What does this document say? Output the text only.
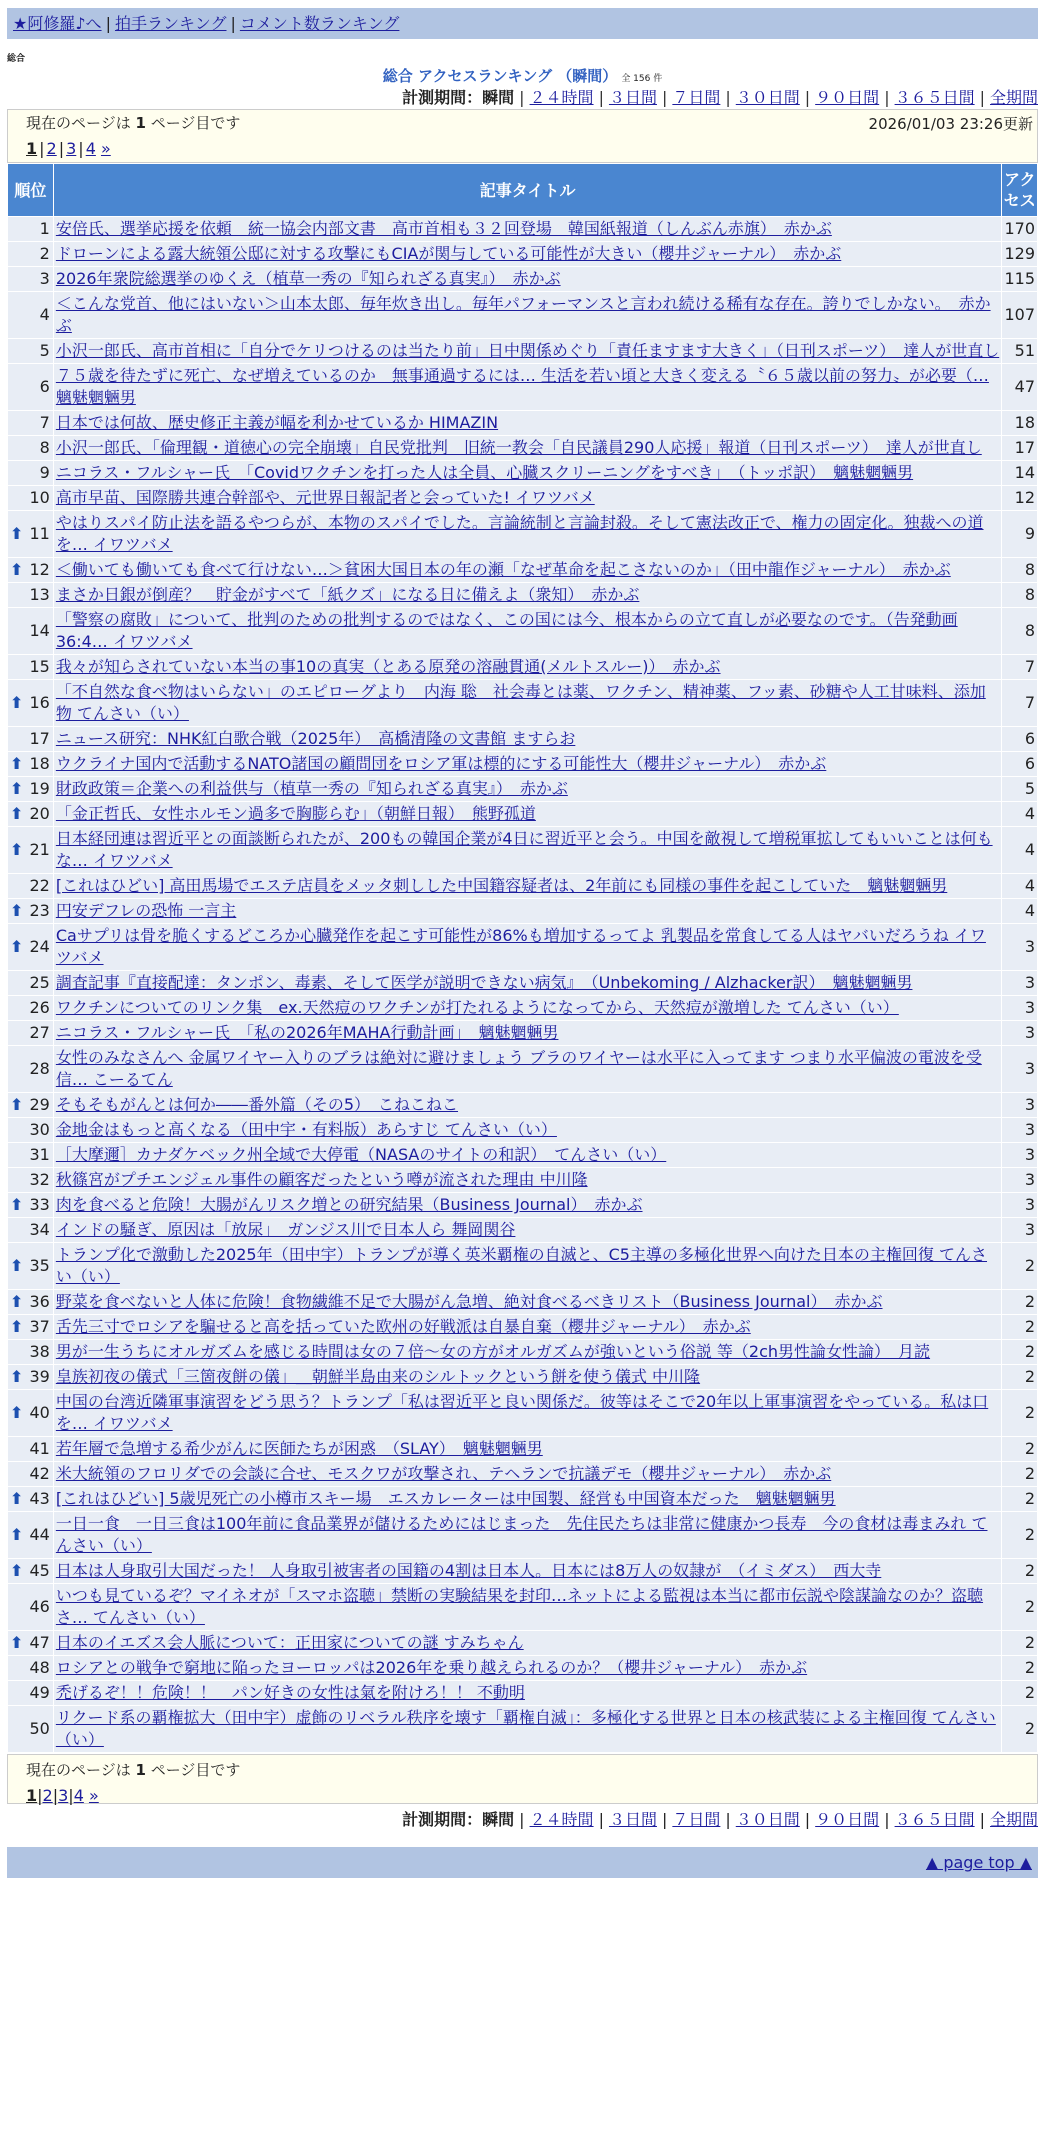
★阿修羅♪へ | 拍手ランキング | コメント数ランキング
総合
総合 アクセスランキング （瞬間） 全 156 件
計測期間：瞬間 | ２４時間 | ３日間 | ７日間 | ３０日間 | ９０日間 | ３６５日間 | 全期間
現在のページは 1 ページ目です	2026/01/03 23:26更新
1 | 2 | 3 | 4 »
順位	記事タイトル	アクセス
1	安倍氏、選挙応援を依頼　統一協会内部文書　高市首相も３２回登場　韓国紙報道（しんぶん赤旗）　赤かぶ	170
2	ドローンによる露大統領公邸に対する攻撃にもCIAが関与している可能性が大きい（櫻井ジャーナル）　赤かぶ	129
3	2026年衆院総選挙のゆくえ（植草一秀の『知られざる真実』）　赤かぶ	115
4	＜こんな党首、他にはいない＞山本太郎、毎年炊き出し。毎年パフォーマンスと言われ続ける稀有な存在。誇りでしかない。　赤かぶ	107
5	小沢一郎氏、高市首相に「自分でケリつけるのは当たり前」日中関係めぐり「責任ますます大きく」（日刊スポーツ）　達人が世直し	51
6	７５歳を待たずに死亡、なぜ増えているのか　無事通過するには… 生活を若い頃と大きく変える〝６５歳以前の努力〟が必要（… 魑魅魍魎男	47
7	日本では何故、歴史修正主義が幅を利かせているか HIMAZIN	18
8	小沢一郎氏、「倫理観・道徳心の完全崩壊」自民党批判　旧統一教会「自民議員290人応援」報道（日刊スポーツ）　達人が世直し	17
9	ニコラス・フルシャー氏　「Covidワクチンを打った人は全員、心臓スクリーニングをすべき」　（トッポ訳）　魑魅魍魎男	14
10	高市早苗、国際勝共連合幹部や、元世界日報記者と会っていた! イワツバメ	12

⬆ 11	やはりスパイ防止法を語るやつらが、本物のスパイでした。言論統制と言論封殺。そして憲法改正で、権力の固定化。独裁への道を… イワツバメ	9

⬆ 12	＜働いても働いても食べて行けない…＞貧困大国日本の年の瀬「なぜ革命を起こさないのか」（田中龍作ジャーナル）　赤かぶ	8
13	まさか日銀が倒産？　貯金がすべて「紙クズ」になる日に備えよ（衆知）　赤かぶ	8
14	「警察の腐敗」について、批判のための批判するのではなく、この国には今、根本からの立て直しが必要なのです。（告発動画36:4… イワツバメ	8
15	我々が知らされていない本当の事10の真実（とある原発の溶融貫通(メルトスルー)）　赤かぶ	7

⬆ 16	「不自然な食べ物はいらない」のエピローグより　内海 聡　社会毒とは薬、ワクチン、精神薬、フッ素、砂糖や人工甘味料、添加物 てんさい（い）	7
17	ニュース研究：NHK紅白歌合戦（2025年）　高橋清隆の文書館 ますらお	6

⬆ 18	ウクライナ国内で活動するNATO諸国の顧問団をロシア軍は標的にする可能性大（櫻井ジャーナル）　赤かぶ	6

⬆ 19	財政政策＝企業への利益供与（植草一秀の『知られざる真実』）　赤かぶ	5

⬆ 20	「金正哲氏、女性ホルモン過多で胸膨らむ」（朝鮮日報）　熊野孤道	4

⬆ 21	日本経団連は習近平との面談断られたが、200もの韓国企業が4日に習近平と会う。中国を敵視して増税軍拡してもいいことは何もな… イワツバメ	4
22	[これはひどい] 高田馬場でエステ店員をメッタ刺しした中国籍容疑者は、2年前にも同様の事件を起こしていた　魑魅魍魎男	4

⬆ 23	円安デフレの恐怖 一言主	4

⬆ 24	Caサプリは骨を脆くするどころか心臓発作を起こす可能性が86%も増加するってよ 乳製品を常食してる人はヤバいだろうね イワツバメ	3
25	調査記事『直接配達：タンポン、毒素、そして医学が説明できない病気』　（Unbekoming / Alzhacker訳）　魑魅魍魎男	3
26	ワクチンについてのリンク集　ex.天然痘のワクチンが打たれるようになってから、天然痘が激増した てんさい（い）	3
27	ニコラス・フルシャー氏　「私の2026年MAHA行動計画」　魑魅魍魎男	3
28	女性のみなさんへ 金属ワイヤー入りのブラは絶対に避けましょう ブラのワイヤーは水平に入ってます つまり水平偏波の電波を受信… こーるてん	3

⬆ 29	そもそもがんとは何か――番外篇（その5）　こねこねこ	3
30	金地金はもっと高くなる（田中宇・有料版）あらすじ てんさい（い）	3
31	［大摩邇］カナダケベック州全域で大停電（NASAのサイトの和訳）　てんさい（い）	3
32	秋篠宮がプチエンジェル事件の顧客だったという噂が流された理由 中川隆	3

⬆ 33	肉を食べると危険！大腸がんリスク増との研究結果（Business Journal）　赤かぶ	3
34	インドの騒ぎ、原因は「放尿」　ガンジス川で日本人ら 舞岡関谷	3

⬆ 35	トランプ化で激動した2025年（田中宇）トランプが導く英米覇権の自滅と、C5主導の多極化世界へ向けた日本の主権回復 てんさい（い）	2

⬆ 36	野菜を食べないと人体に危険！食物繊維不足で大腸がん急増、絶対食べるべきリスト（Business Journal）　赤かぶ	2

⬆ 37	舌先三寸でロシアを騙せると高を括っていた欧州の好戦派は自暴自棄（櫻井ジャーナル）　赤かぶ	2
38	男が一生うちにオルガズムを感じる時間は女の７倍〜女の方がオルガズムが強いという俗説 等（2ch男性論女性論）　月読	2

⬆ 39	皇族初夜の儀式「三箇夜餅の儀」＿朝鮮半島由来のシルトックという餅を使う儀式 中川隆	2

⬆ 40	中国の台湾近隣軍事演習をどう思う？トランプ「私は習近平と良い関係だ。彼等はそこで20年以上軍事演習をやっている。私は口を… イワツバメ	2
41	若年層で急増する希少がんに医師たちが困惑　（SLAY）　魑魅魍魎男	2
42	米大統領のフロリダでの会談に合せ、モスクワが攻撃され、テヘランで抗議デモ（櫻井ジャーナル）　赤かぶ	2

⬆ 43	[これはひどい] 5歳児死亡の小樽市スキー場　エスカレーターは中国製、経営も中国資本だった　魑魅魍魎男	2

⬆ 44	一日一食　一日三食は100年前に食品業界が儲けるためにはじまった　先住民たちは非常に健康かつ長寿　今の食材は毒まみれ てんさい（い）	2

⬆ 45	日本は人身取引大国だった！ 人身取引被害者の国籍の4割は日本人。日本には8万人の奴隷が　（イミダス）　西大寺	2
46	いつも見ているぞ？マイネオが「スマホ盗聴」禁断の実験結果を封印…ネットによる監視は本当に都市伝説や陰謀論なのか？盗聴さ… てんさい（い）	2

⬆ 47	日本のイエズス会人脈について：正田家についての謎 すみちゃん	2
48	ロシアとの戦争で窮地に陥ったヨーロッパは2026年を乗り越えられるのか？（櫻井ジャーナル）　赤かぶ	2
49	禿げるぞ！！危険！！　パン好きの女性は氣を附けろ！！ 不動明	2
50	リクード系の覇権拡大（田中宇）虚飾のリベラル秩序を壊す「覇権自滅」：多極化する世界と日本の核武装による主権回復 てんさい（い）	2
現在のページは 1 ページ目です
1|2|3|4 »
計測期間：瞬間 | ２４時間 | ３日間 | ７日間 | ３０日間 | ９０日間 | ３６５日間 | 全期間
▲ page top ▲
